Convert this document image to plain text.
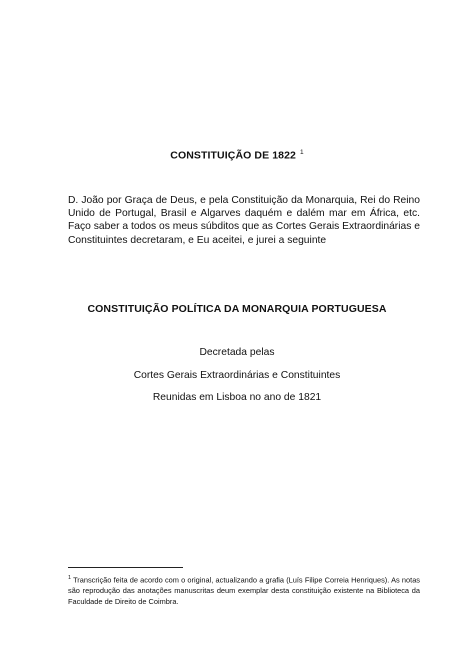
CONSTITUIÇÃO DE 1822 $^1$
D. João por Graça de Deus, e pela Constituição da Monarquia, Rei do Reino Unido de Portugal, Brasil e Algarves daquém e dalém mar em África, etc. Faço saber a todos os meus súbditos que as Cortes Gerais Extraordinárias e Constituintes decretaram, e Eu aceitei, e jurei a seguinte
CONSTITUIÇÃO POLÍTICA DA MONARQUIA PORTUGUESA
Decretada pelas
Cortes Gerais Extraordinárias e Constituintes
Reunidas em Lisboa no ano de 1821
$^1$ Transcrição feita de acordo com o original, actualizando a grafia (Luís Filipe Correia Henriques). As notas são reprodução das anotações manuscritas deum exemplar desta constituição existente na Biblioteca da Faculdade de Direito de Coimbra.
